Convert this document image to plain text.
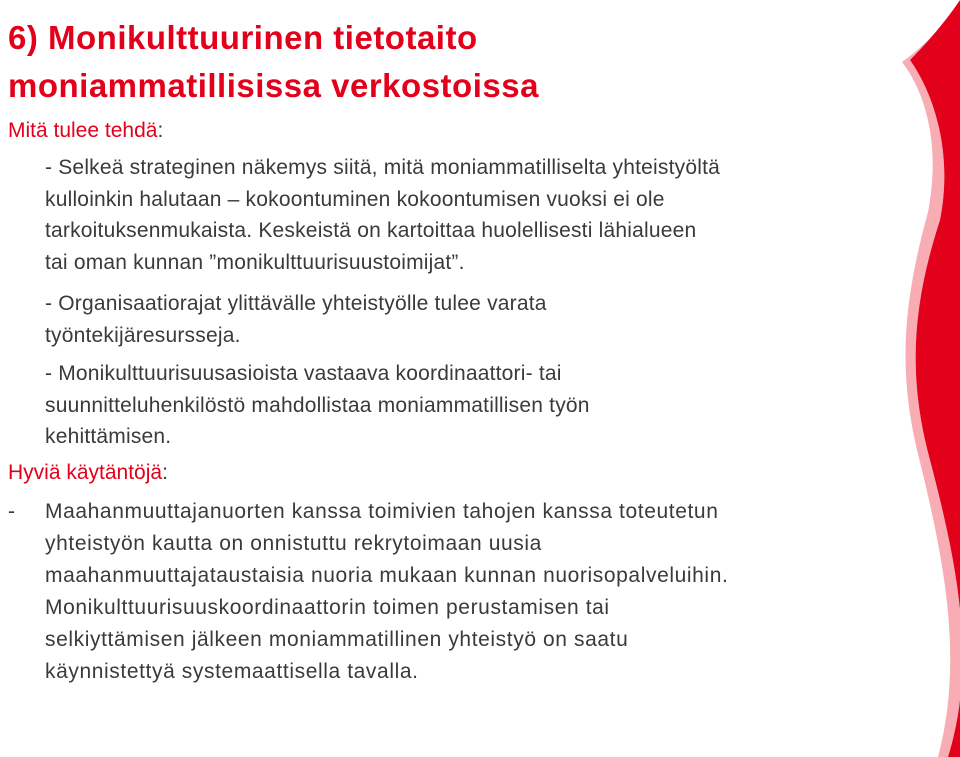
6) Monikulttuurinen tietotaito
moniammatillisissa verkostoissa
Mitä tulee tehdä:
- Selkeä strateginen näkemys siitä, mitä moniammatilliselta yhteistyöltä
kulloinkin halutaan – kokoontuminen kokoontumisen vuoksi ei ole
tarkoituksenmukaista. Keskeistä on kartoittaa huolellisesti lähialueen
tai oman kunnan ”monikulttuurisuustoimijat”.
- Organisaatiorajat ylittävälle yhteistyölle tulee varata
työntekijäresursseja.
- Monikulttuurisuusasioista vastaava koordinaattori- tai
suunnitteluhenkilöstö mahdollistaa moniammatillisen työn
kehittämisen.
Hyviä käytäntöjä:
- Maahanmuuttajanuorten kanssa toimivien tahojen kanssa toteutetun
yhteistyön kautta on onnistuttu rekrytoimaan uusia
maahanmuuttajataustaisia nuoria mukaan kunnan nuorisopalveluihin.
Monikulttuurisuuskoordinaattorin toimen perustamisen tai
selkiyttämisen jälkeen moniammatillinen yhteistyö on saatu
käynnistettyä systemaattisella tavalla.
